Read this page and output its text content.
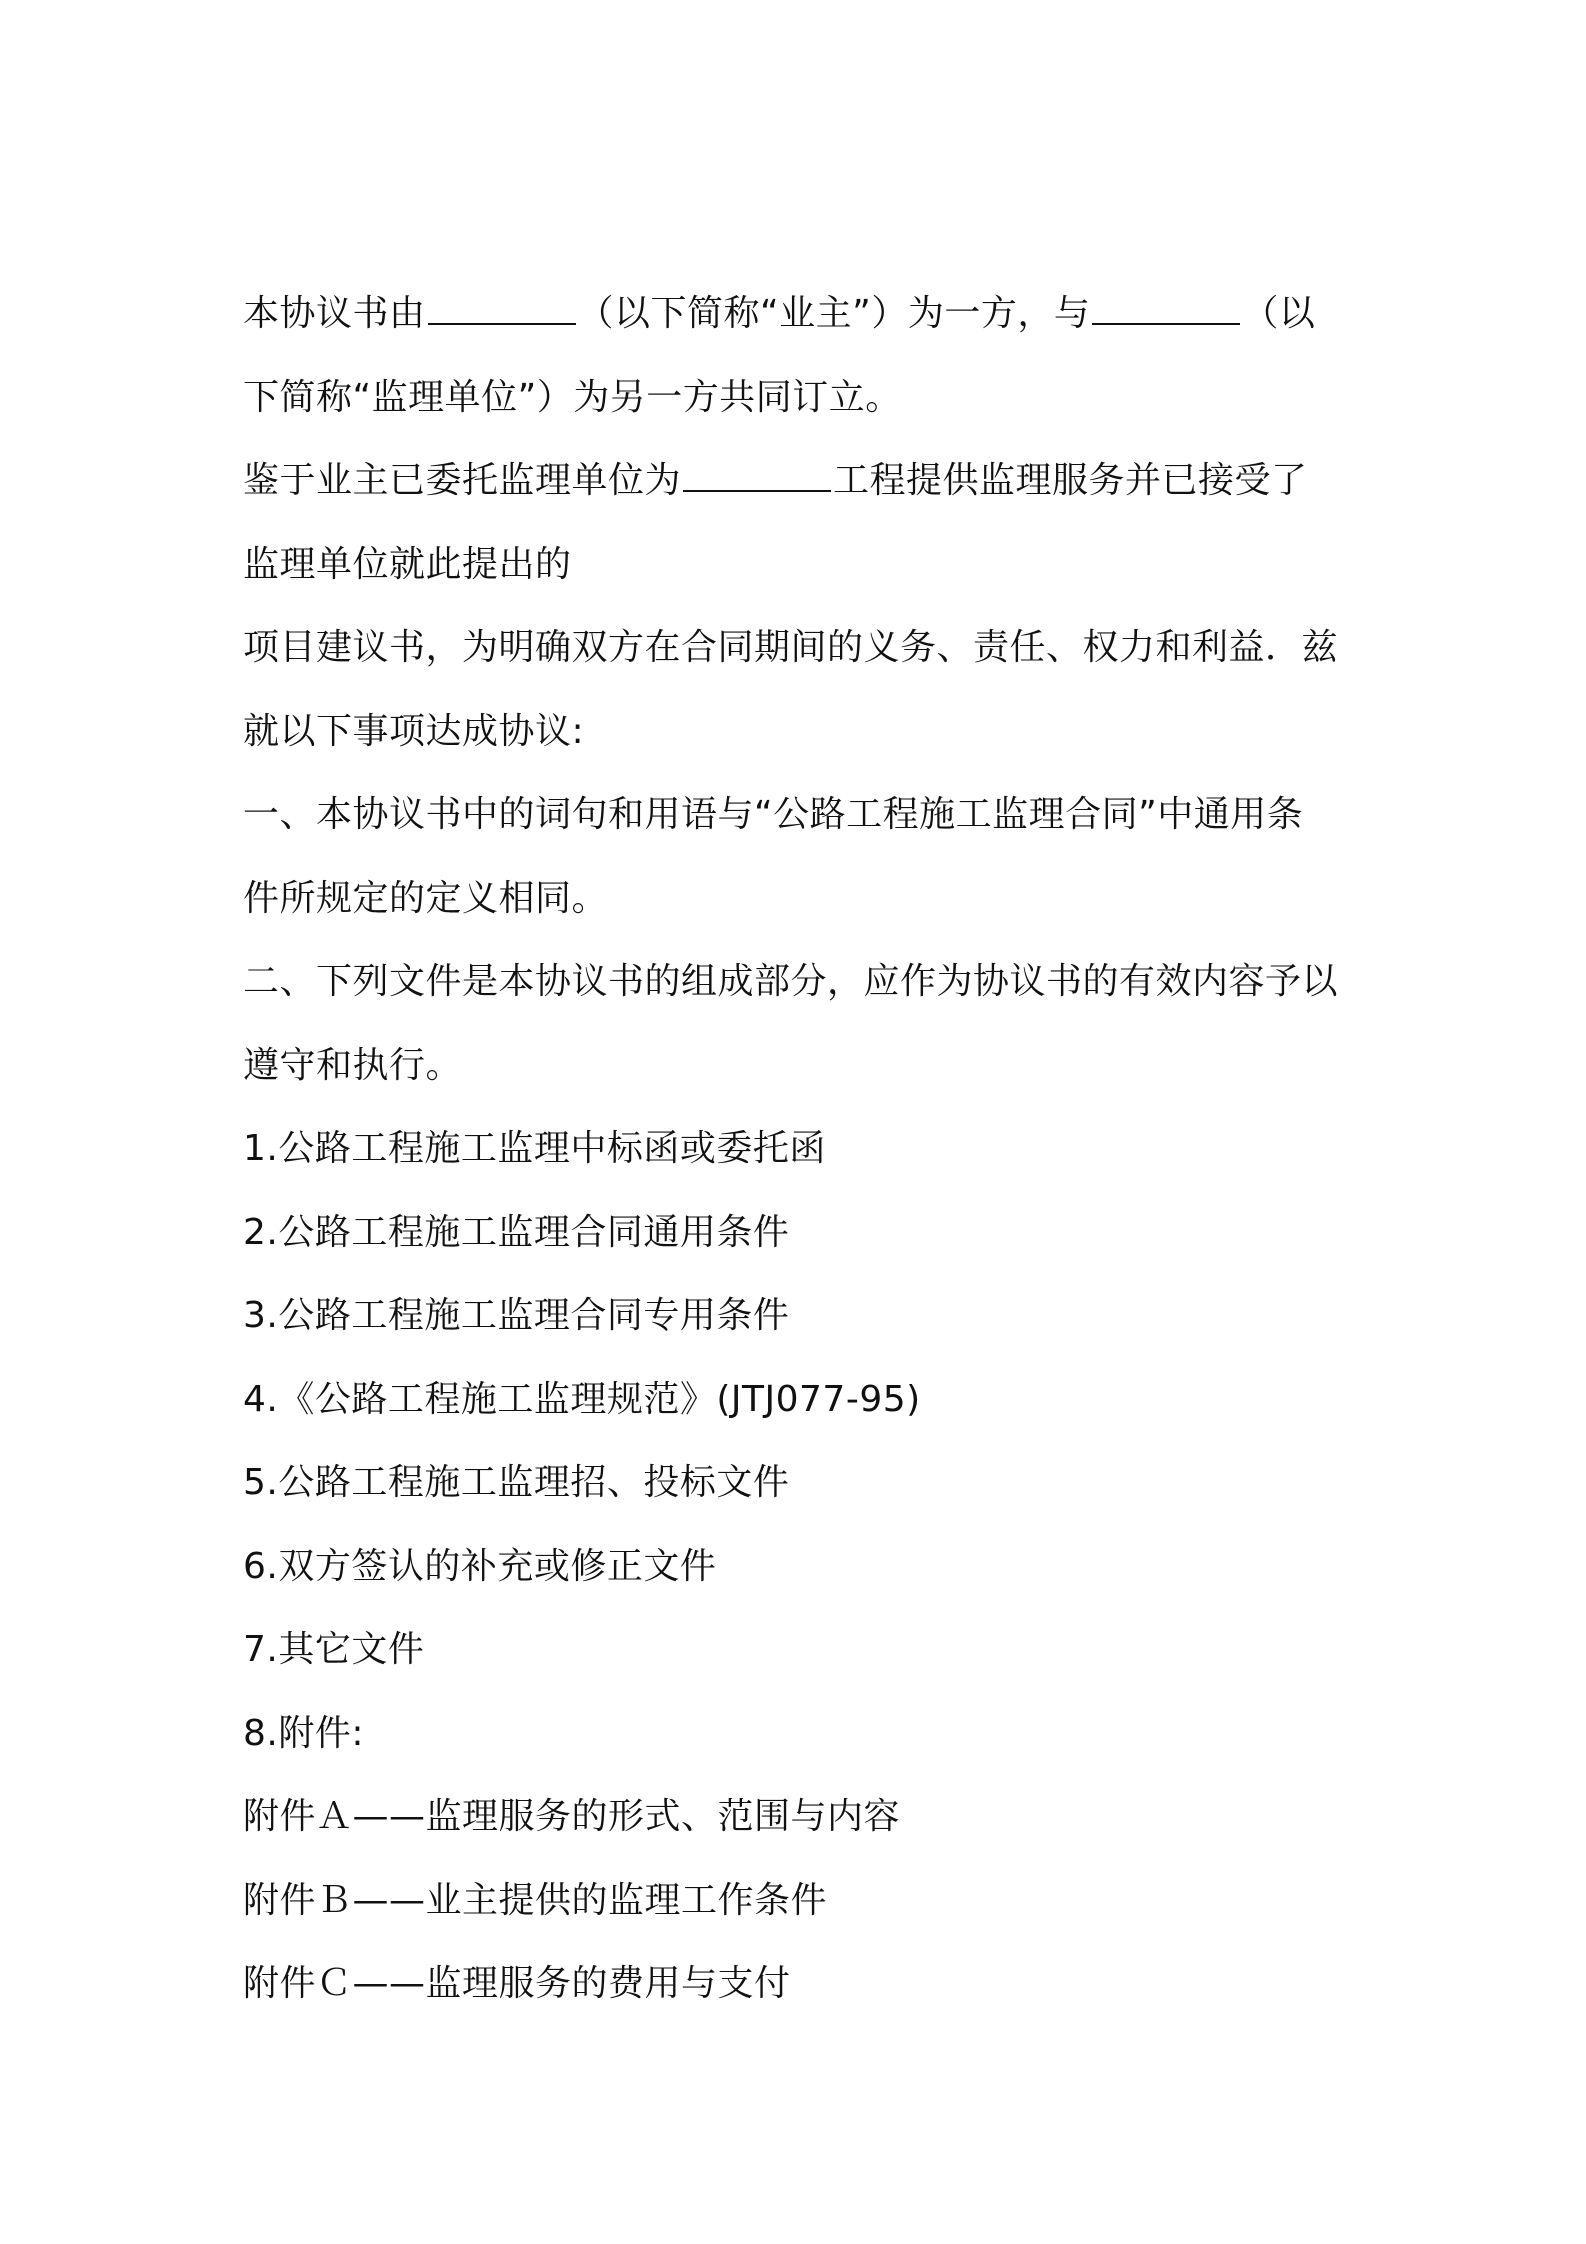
本协议书由	（以下简称“业主”）为一方，与	（以
下简称“监理单位”）为另一方共同订立。
鉴于业主已委托监理单位为	工程提供监理服务并已接受了
监理单位就此提出的
项目建议书，为明确双方在合同期间的义务、责任、权力和利益．兹
就以下事项达成协议:
一、本协议书中的词句和用语与“公路工程施工监理合同”中通用条
件所规定的定义相同。
二、下列文件是本协议书的组成部分，应作为协议书的有效内容予以
遵守和执行。
1.公路工程施工监理中标函或委托函
2.公路工程施工监理合同通用条件
3.公路工程施工监理合同专用条件
4.《公路工程施工监理规范》(JTJ077-95)
5.公路工程施工监理招、投标文件
6.双方签认的补充或修正文件
7.其它文件
8.附件:
附件Ａ——监理服务的形式、范围与内容
附件Ｂ——业主提供的监理工作条件
附件Ｃ——监理服务的费用与支付
